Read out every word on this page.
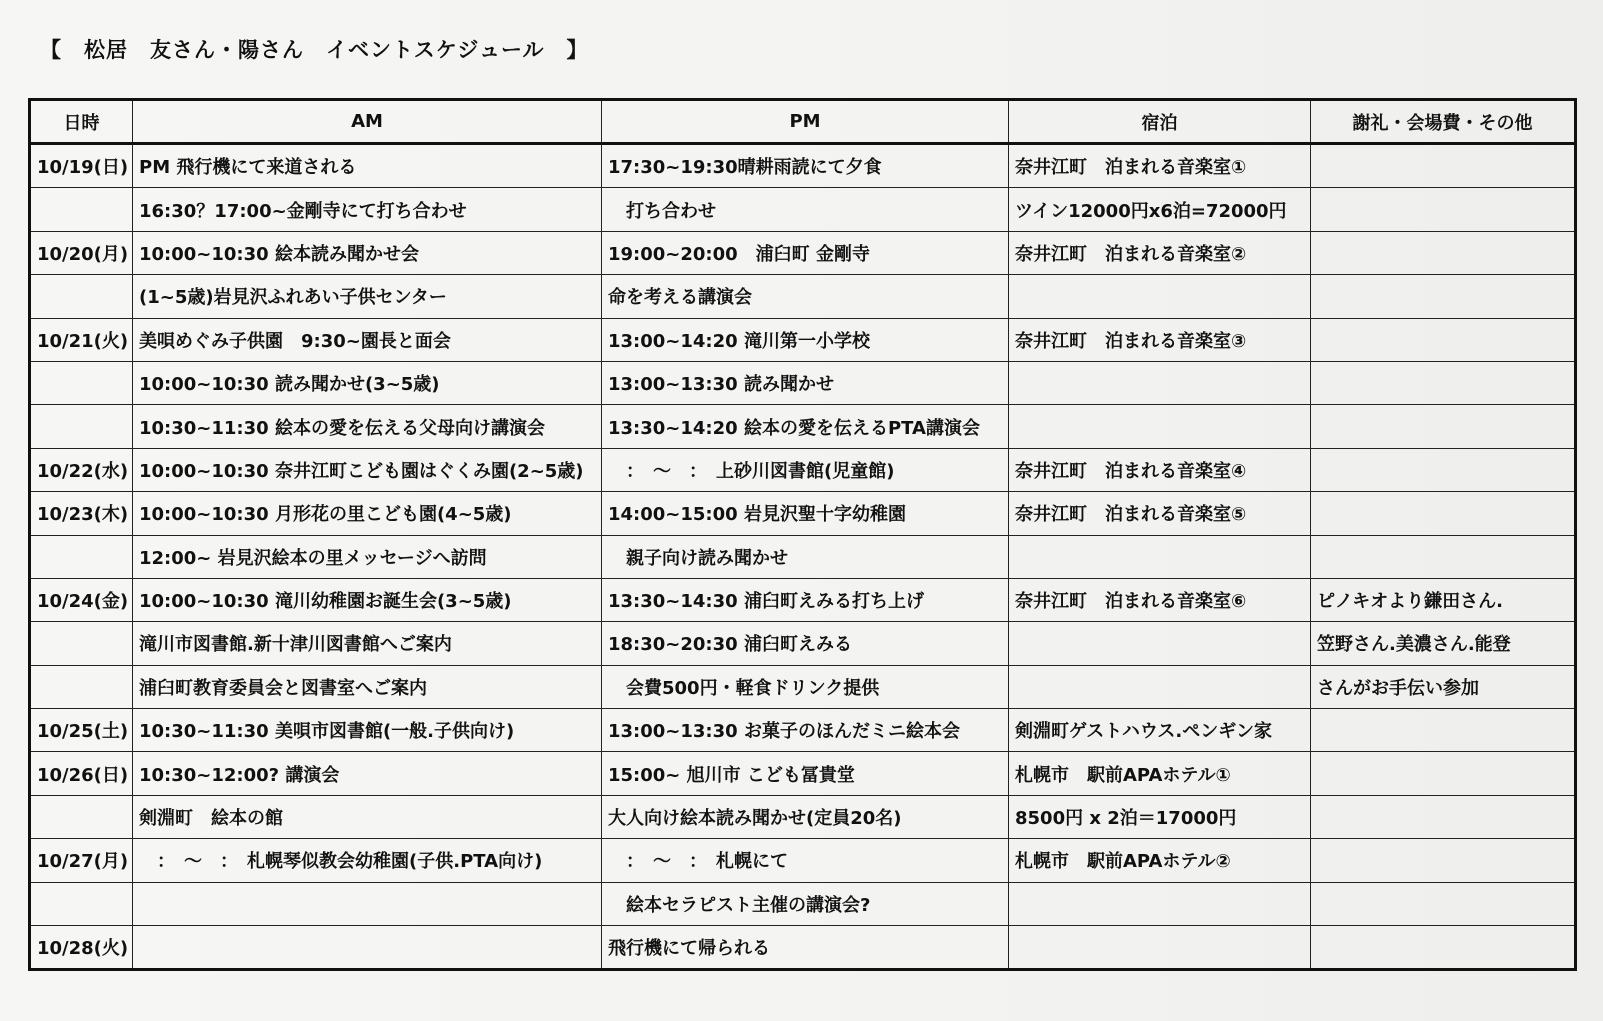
【　松居　友さん・陽さん　イベントスケジュール　】
日時	AM	PM	宿泊	謝礼・会場費・その他
10/19(日)	PM 飛行機にて来道される	17:30~19:30晴耕雨読にて夕食	奈井江町　泊まれる音楽室①	
	16:30？17:00~金剛寺にて打ち合わせ	　打ち合わせ	ツイン12000円x6泊=72000円	
10/20(月)	10:00~10:30 絵本読み聞かせ会	19:00~20:00　浦臼町 金剛寺	奈井江町　泊まれる音楽室②	
	(1~5歳)岩見沢ふれあい子供センター	命を考える講演会		
10/21(火)	美唄めぐみ子供園　9:30~園長と面会	13:00~14:20 滝川第一小学校	奈井江町　泊まれる音楽室③	
	10:00~10:30 読み聞かせ(3~5歳)	13:00~13:30 読み聞かせ		
	10:30~11:30 絵本の愛を伝える父母向け講演会	13:30~14:20 絵本の愛を伝えるPTA講演会		
10/22(水)	10:00~10:30 奈井江町こども園はぐくみ園(2~5歳)	　：　～　：　上砂川図書館(児童館)	奈井江町　泊まれる音楽室④	
10/23(木)	10:00~10:30 月形花の里こども園(4~5歳)	14:00~15:00 岩見沢聖十字幼稚園	奈井江町　泊まれる音楽室⑤	
	12:00~ 岩見沢絵本の里メッセージへ訪問	　親子向け読み聞かせ		
10/24(金)	10:00~10:30 滝川幼稚園お誕生会(3~5歳)	13:30~14:30 浦臼町えみる打ち上げ	奈井江町　泊まれる音楽室⑥	ピノキオより鎌田さん.
	滝川市図書館.新十津川図書館へご案内	18:30~20:30 浦臼町えみる		笠野さん.美濃さん.能登
	浦臼町教育委員会と図書室へご案内	　会費500円・軽食ドリンク提供		さんがお手伝い参加
10/25(土)	10:30~11:30 美唄市図書館(一般.子供向け)	13:00~13:30 お菓子のほんだミニ絵本会	剣淵町ゲストハウス.ペンギン家	
10/26(日)	10:30~12:00? 講演会	15:00~ 旭川市 こども冨貴堂	札幌市　駅前APAホテル①	
	剣淵町　絵本の館	大人向け絵本読み聞かせ(定員20名)	8500円 x 2泊＝17000円	
10/27(月)	　：　～　：　札幌琴似教会幼稚園(子供.PTA向け)	　：　～　：　札幌にて	札幌市　駅前APAホテル②	
		　絵本セラピスト主催の講演会?		
10/28(火)		飛行機にて帰られる		
